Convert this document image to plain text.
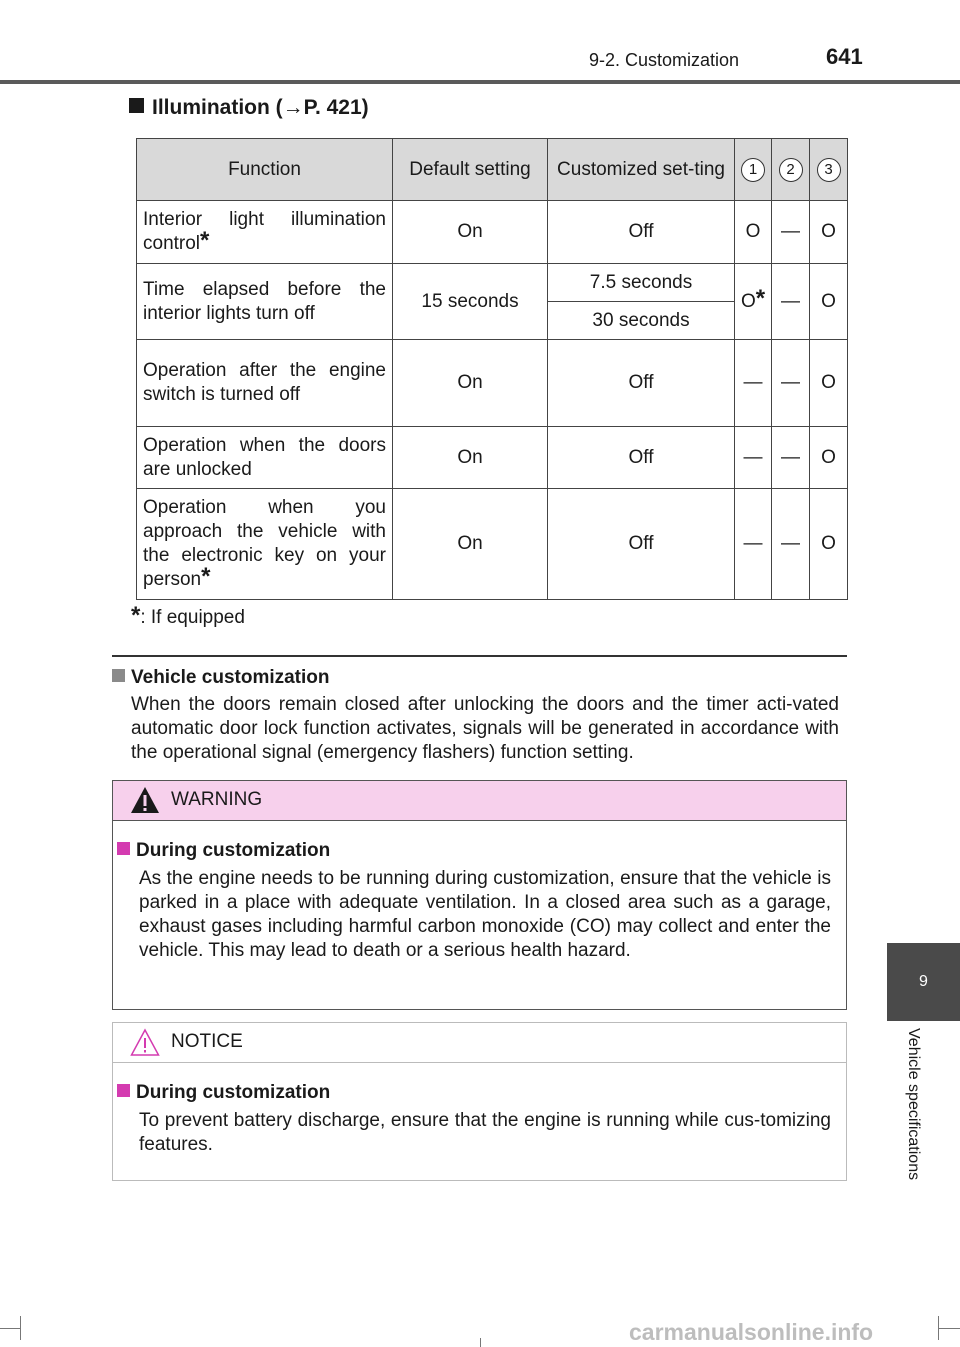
9-2. Customization	641
9
Vehicle specifications
Illumination (→P. 421)
Function	Default setting	Customized set-ting	1	2	3
Interior light illumination control*	On	Off	O	—	O
Time elapsed before the interior lights turn off	15 seconds	7.5 seconds	O*	—	O
		30 seconds			
Operation after the engine switch is turned off	On	Off	—	—	O
Operation when the doors are unlocked	On	Off	—	—	O
Operation when you approach the vehicle with the electronic key on your person*	On	Off	—	—	O
*: If equipped
Vehicle customization
When the doors remain closed after unlocking the doors and the timer acti-vated automatic door lock function activates, signals will be generated in accordance with the operational signal (emergency flashers) function setting.
WARNING
During customization
As the engine needs to be running during customization, ensure that the vehicle is parked in a place with adequate ventilation. In a closed area such as a garage, exhaust gases including harmful carbon monoxide (CO) may collect and enter the vehicle. This may lead to death or a serious health hazard.
NOTICE
During customization
To prevent battery discharge, ensure that the engine is running while cus-tomizing features.
carmanualsonline.info
